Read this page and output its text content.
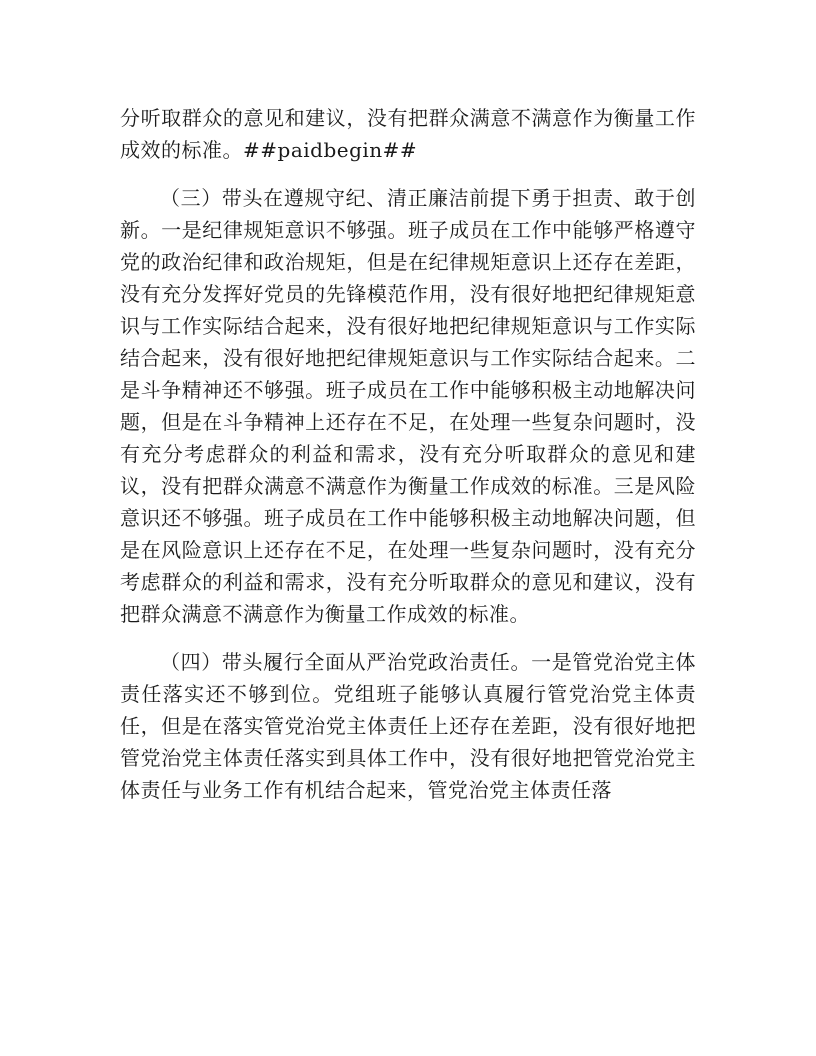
分听取群众的意见和建议，没有把群众满意不满意作为衡量工作成效的标准。##paidbegin##

（三）带头在遵规守纪、清正廉洁前提下勇于担责、敢于创新。一是纪律规矩意识不够强。班子成员在工作中能够严格遵守党的政治纪律和政治规矩，但是在纪律规矩意识上还存在差距，没有充分发挥好党员的先锋模范作用，没有很好地把纪律规矩意识与工作实际结合起来，没有很好地把纪律规矩意识与工作实际结合起来，没有很好地把纪律规矩意识与工作实际结合起来。二是斗争精神还不够强。班子成员在工作中能够积极主动地解决问题，但是在斗争精神上还存在不足，在处理一些复杂问题时，没有充分考虑群众的利益和需求，没有充分听取群众的意见和建议，没有把群众满意不满意作为衡量工作成效的标准。三是风险意识还不够强。班子成员在工作中能够积极主动地解决问题，但是在风险意识上还存在不足，在处理一些复杂问题时，没有充分考虑群众的利益和需求，没有充分听取群众的意见和建议，没有把群众满意不满意作为衡量工作成效的标准。

（四）带头履行全面从严治党政治责任。一是管党治党主体责任落实还不够到位。党组班子能够认真履行管党治党主体责任，但是在落实管党治党主体责任上还存在差距，没有很好地把管党治党主体责任落实到具体工作中，没有很好地把管党治党主体责任与业务工作有机结合起来，管党治党主体责任落
